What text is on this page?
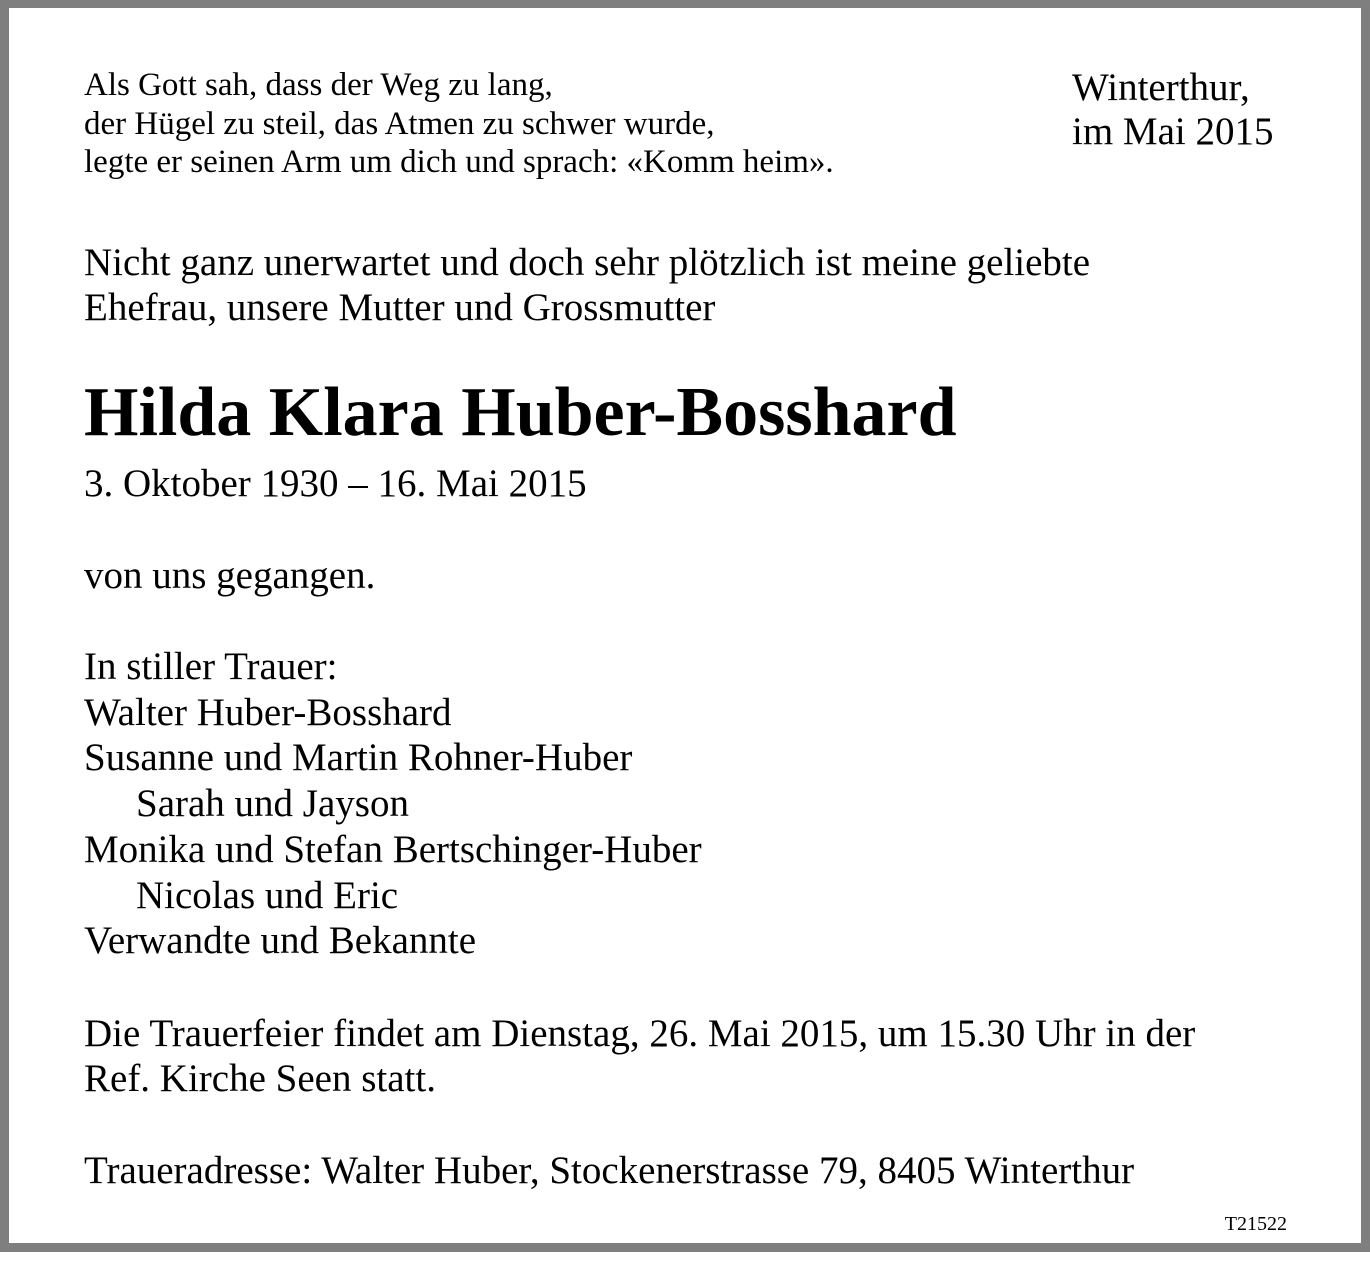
Als Gott sah, dass der Weg zu lang,
der Hügel zu steil, das Atmen zu schwer wurde,
legte er seinen Arm um dich und sprach: «Komm heim».
Winterthur,
im Mai 2015
Nicht ganz unerwartet und doch sehr plötzlich ist meine geliebte
Ehefrau, unsere Mutter und Grossmutter
Hilda Klara Huber-Bosshard
3. Oktober 1930 – 16. Mai 2015
von uns gegangen.
In stiller Trauer:
Walter Huber-Bosshard
Susanne und Martin Rohner-Huber
Sarah und Jayson
Monika und Stefan Bertschinger-Huber
Nicolas und Eric
Verwandte und Bekannte
Die Trauerfeier findet am Dienstag, 26. Mai 2015, um 15.30 Uhr in der
Ref. Kirche Seen statt.
Traueradresse: Walter Huber, Stockenerstrasse 79, 8405 Winterthur
T21522
